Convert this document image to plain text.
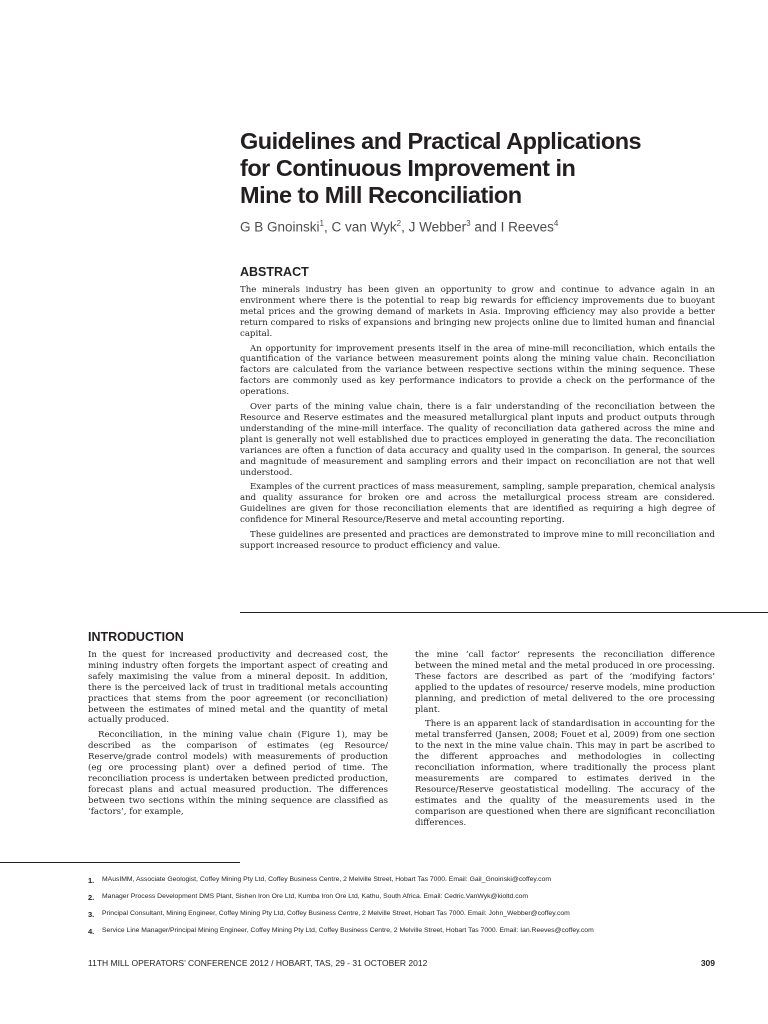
Guidelines and Practical Applications
for Continuous Improvement in
Mine to Mill Reconciliation
G B Gnoinski$^1$, C van Wyk$^2$, J Webber$^3$ and I Reeves$^4$
ABSTRACT

The minerals industry has been given an opportunity to grow and continue to advance again in an environment where there is the potential to reap big rewards for efficiency improvements due to buoyant metal prices and the growing demand of markets in Asia. Improving efficiency may also provide a better return compared to risks of expansions and bringing new projects online due to limited human and financial capital.

An opportunity for improvement presents itself in the area of mine-mill reconciliation, which entails the quantification of the variance between measurement points along the mining value chain. Reconciliation factors are calculated from the variance between respective sections within the mining sequence. These factors are commonly used as key performance indicators to provide a check on the performance of the operations.

Over parts of the mining value chain, there is a fair understanding of the reconciliation between the Resource and Reserve estimates and the measured metallurgical plant inputs and product outputs through understanding of the mine-mill interface. The quality of reconciliation data gathered across the mine and plant is generally not well established due to practices employed in generating the data. The reconciliation variances are often a function of data accuracy and quality used in the comparison. In general, the sources and magnitude of measurement and sampling errors and their impact on reconciliation are not that well understood.

Examples of the current practices of mass measurement, sampling, sample preparation, chemical analysis and quality assurance for broken ore and across the metallurgical process stream are considered. Guidelines are given for those reconciliation elements that are identified as requiring a high degree of confidence for Mineral Resource/Reserve and metal accounting reporting.

These guidelines are presented and practices are demonstrated to improve mine to mill reconciliation and support increased resource to product efficiency and value.

INTRODUCTION

In the quest for increased productivity and decreased cost, the mining industry often forgets the important aspect of creating and safely maximising the value from a mineral deposit. In addition, there is the perceived lack of trust in traditional metals accounting practices that stems from the poor agreement (or reconciliation) between the estimates of mined metal and the quantity of metal actually produced.

Reconciliation, in the mining value chain (Figure 1), may be described as the comparison of estimates (eg Resource/ Reserve/grade control models) with measurements of production (eg ore processing plant) over a defined period of time. The reconciliation process is undertaken between predicted production, forecast plans and actual measured production. The differences between two sections within the mining sequence are classified as ‘factors’, for example,

the mine ‘call factor’ represents the reconciliation difference between the mined metal and the metal produced in ore processing. These factors are described as part of the ‘modifying factors’ applied to the updates of resource/ reserve models, mine production planning, and prediction of metal delivered to the ore processing plant.

There is an apparent lack of standardisation in accounting for the metal transferred (Jansen, 2008; Fouet et al, 2009) from one section to the next in the mine value chain. This may in part be ascribed to the different approaches and methodologies in collecting reconciliation information, where traditionally the process plant measurements are compared to estimates derived in the Resource/Reserve geostatistical modelling. The accuracy of the estimates and the quality of the measurements used in the comparison are questioned when there are significant reconciliation differences.

1.	MAusIMM, Associate Geologist, Coffey Mining Pty Ltd, Coffey Business Centre, 2 Melville Street, Hobart Tas 7000. Email: Gail_Gnoinski@coffey.com
2.	Manager Process Development DMS Plant, Sishen Iron Ore Ltd, Kumba Iron Ore Ltd, Kathu, South Africa. Email: Cedric.VanWyk@kioltd.com
3.	Principal Consultant, Mining Engineer, Coffey Mining Pty Ltd, Coffey Business Centre, 2 Melville Street, Hobart Tas 7000. Email: John_Webber@coffey.com
4.	Service Line Manager/Principal Mining Engineer, Coffey Mining Pty Ltd, Coffey Business Centre, 2 Melville Street, Hobart Tas 7000. Email: Ian.Reeves@coffey.com
11TH MILL OPERATORS’ CONFERENCE 2012 / HOBART, TAS, 29 - 31 OCTOBER 2012	309
